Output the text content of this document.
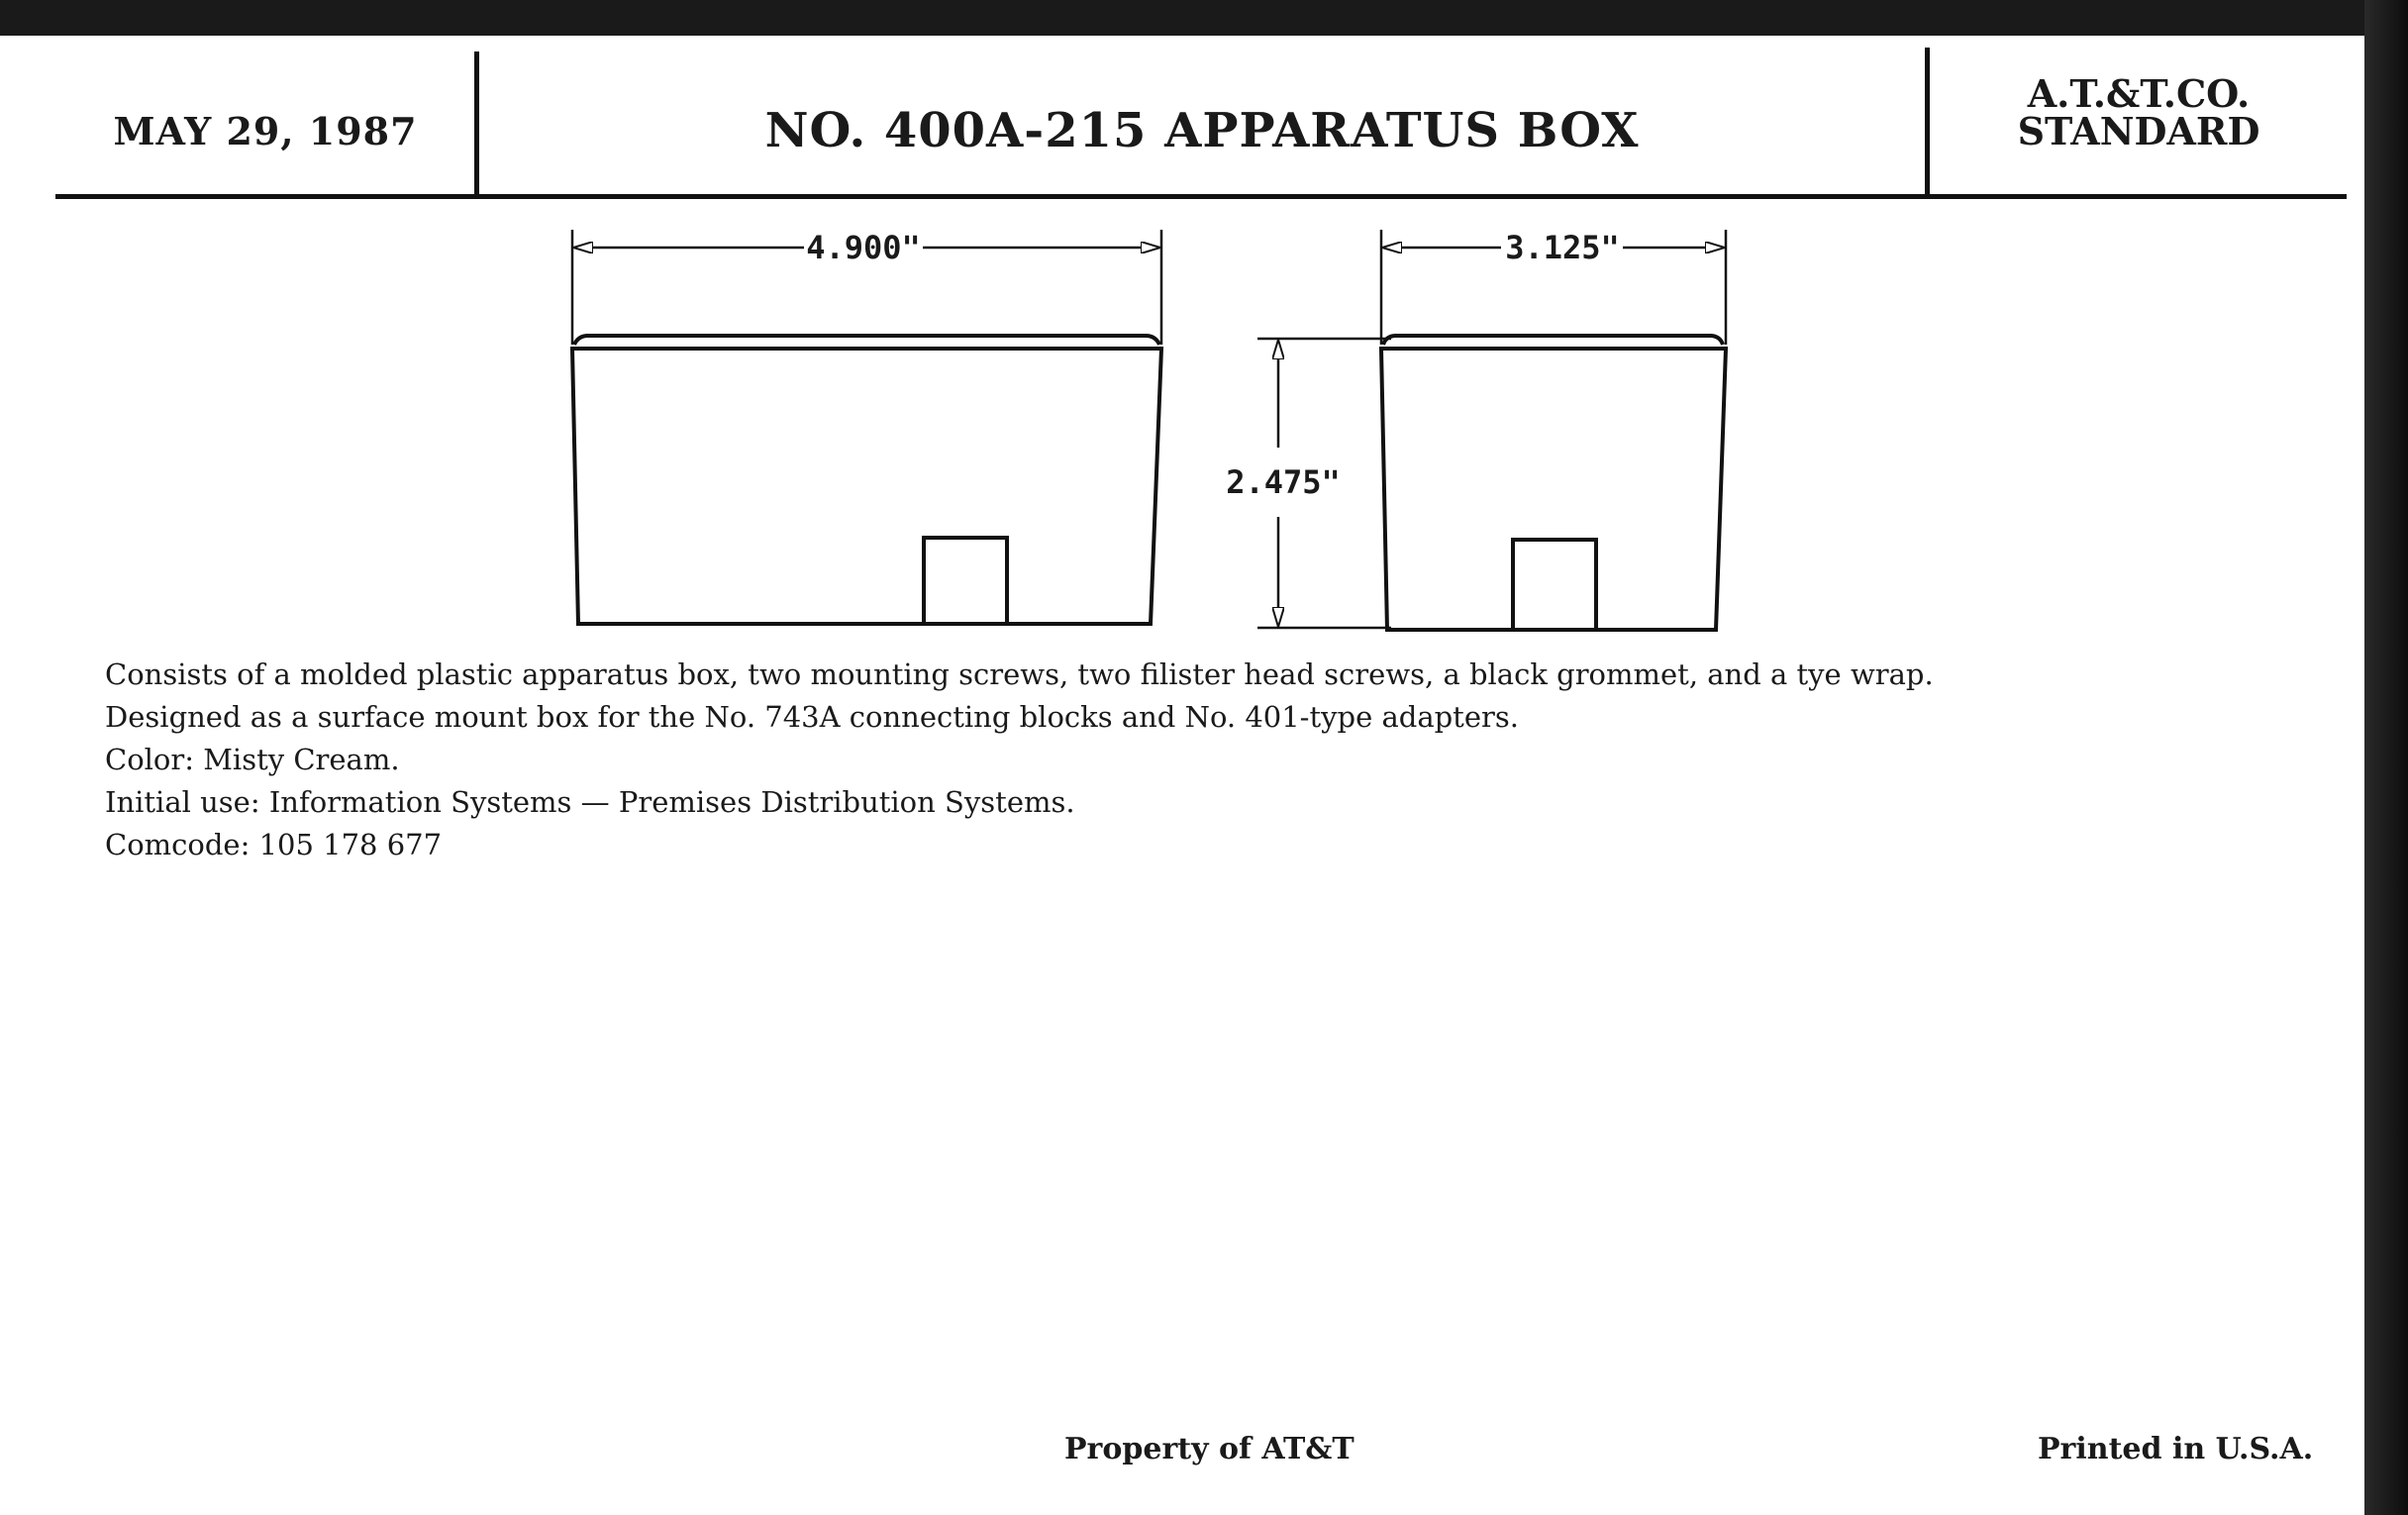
MAY 29, 1987	NO. 400A-215 APPARATUS BOX
A.T.&T.CO.
STANDARD
4.900"	3.125"
2.475"
Consists of a molded plastic apparatus box, two mounting screws, two filister head screws, a black grommet, and a tye wrap.
Designed as a surface mount box for the No. 743A connecting blocks and No. 401-type adapters.
Color: Misty Cream.
Initial use: Information Systems — Premises Distribution Systems.
Comcode: 105 178 677
Property of AT&T	Printed in U.S.A.
